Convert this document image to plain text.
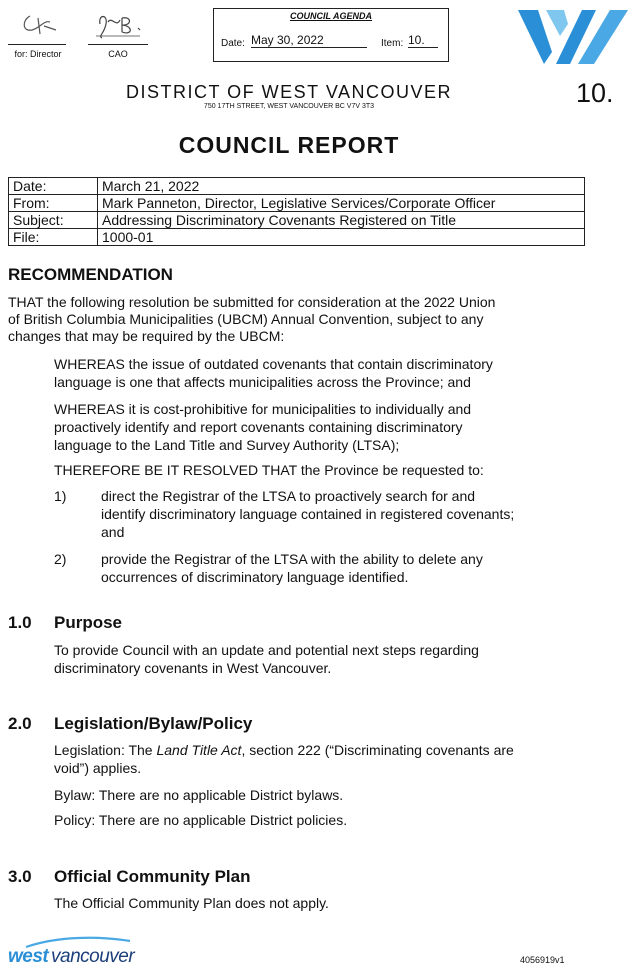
for: Director	CAO
COUNCIL AGENDA
Date: May 30, 2022	Item: 10.
DISTRICT OF WEST VANCOUVER
750 17TH STREET, WEST VANCOUVER BC V7V 3T3
COUNCIL REPORT
10.
Date:	March 21, 2022
From:	Mark Panneton, Director, Legislative Services/Corporate Officer
Subject:	Addressing Discriminatory Covenants Registered on Title
File:	1000-01
RECOMMENDATION
THAT the following resolution be submitted for consideration at the 2022 Union
of British Columbia Municipalities (UBCM) Annual Convention, subject to any
changes that may be required by the UBCM:
WHEREAS the issue of outdated covenants that contain discriminatory
language is one that affects municipalities across the Province; and
WHEREAS it is cost-prohibitive for municipalities to individually and
proactively identify and report covenants containing discriminatory
language to the Land Title and Survey Authority (LTSA);
THEREFORE BE IT RESOLVED THAT the Province be requested to:
1) direct the Registrar of the LTSA to proactively search for and
identify discriminatory language contained in registered covenants;
and
2) provide the Registrar of the LTSA with the ability to delete any
occurrences of discriminatory language identified.
1.0 Purpose
To provide Council with an update and potential next steps regarding
discriminatory covenants in West Vancouver.
2.0 Legislation/Bylaw/Policy
Legislation: The Land Title Act, section 222 (“Discriminating covenants are
void”) applies.
Bylaw: There are no applicable District bylaws.
Policy: There are no applicable District policies.
3.0 Official Community Plan
The Official Community Plan does not apply.
west vancouver	4056919v1
